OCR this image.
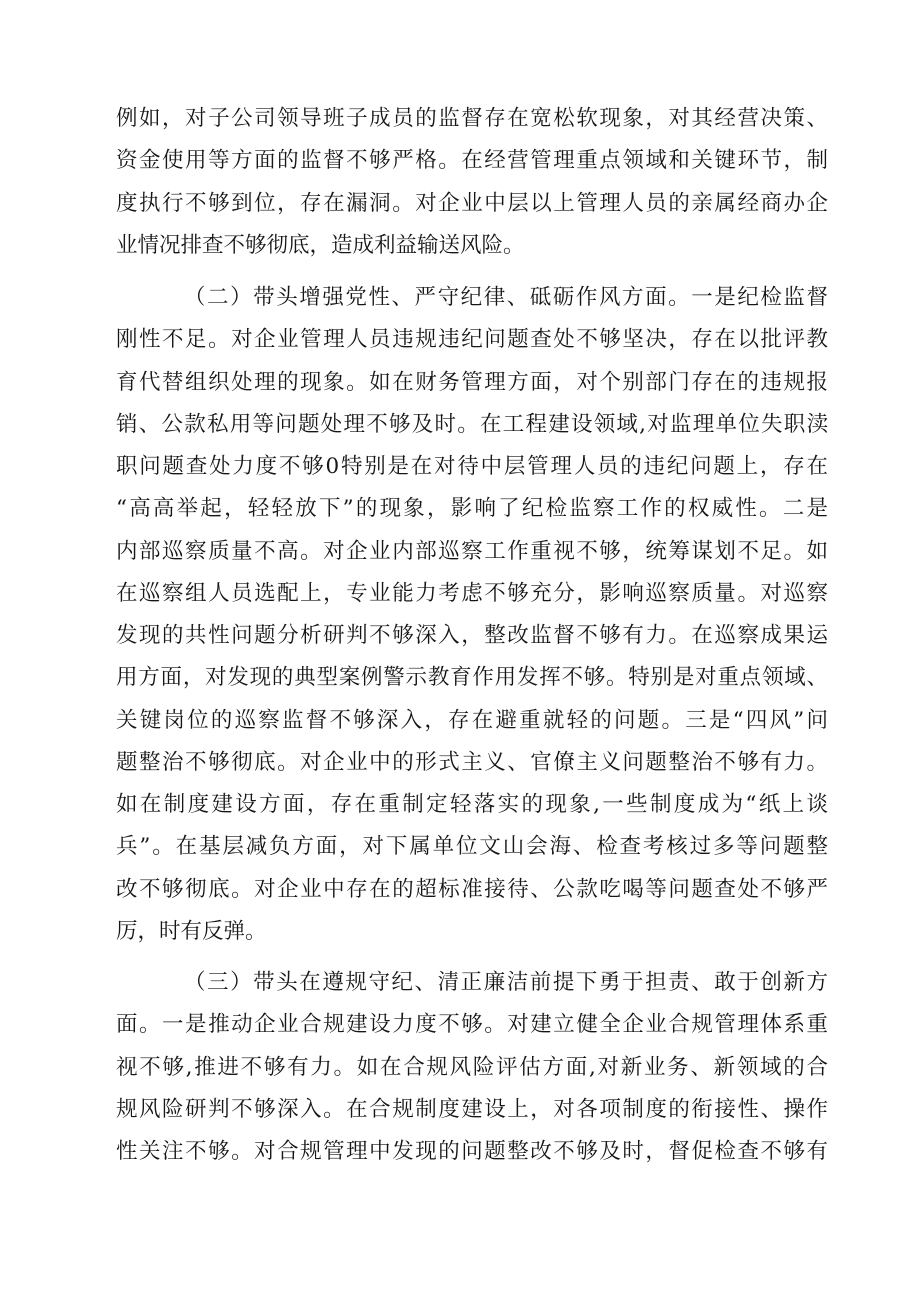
例如，对子公司领导班子成员的监督存在宽松软现象，对其经营决策、
资金使用等方面的监督不够严格。在经营管理重点领域和关键环节，制
度执行不够到位，存在漏洞。对企业中层以上管理人员的亲属经商办企
业情况排查不够彻底，造成利益输送风险。
（二）带头增强党性、严守纪律、砥砺作风方面。一是纪检监督
刚性不足。对企业管理人员违规违纪问题查处不够坚决，存在以批评教
育代替组织处理的现象。如在财务管理方面，对个别部门存在的违规报
销、公款私用等问题处理不够及时。在工程建设领域,对监理单位失职渎
职问题查处力度不够0特别是在对待中层管理人员的违纪问题上，存在
“高高举起，轻轻放下”的现象，影响了纪检监察工作的权威性。二是
内部巡察质量不高。对企业内部巡察工作重视不够，统筹谋划不足。如
在巡察组人员选配上，专业能力考虑不够充分，影响巡察质量。对巡察
发现的共性问题分析研判不够深入，整改监督不够有力。在巡察成果运
用方面，对发现的典型案例警示教育作用发挥不够。特别是对重点领域、
关键岗位的巡察监督不够深入，存在避重就轻的问题。三是“四风”问
题整治不够彻底。对企业中的形式主义、官僚主义问题整治不够有力。
如在制度建设方面，存在重制定轻落实的现象,一些制度成为“纸上谈
兵”。在基层减负方面，对下属单位文山会海、检查考核过多等问题整
改不够彻底。对企业中存在的超标准接待、公款吃喝等问题查处不够严
厉，时有反弹。
（三）带头在遵规守纪、清正廉洁前提下勇于担责、敢于创新方
面。一是推动企业合规建设力度不够。对建立健全企业合规管理体系重
视不够,推进不够有力。如在合规风险评估方面,对新业务、新领域的合
规风险研判不够深入。在合规制度建设上，对各项制度的衔接性、操作
性关注不够。对合规管理中发现的问题整改不够及时，督促检查不够有
